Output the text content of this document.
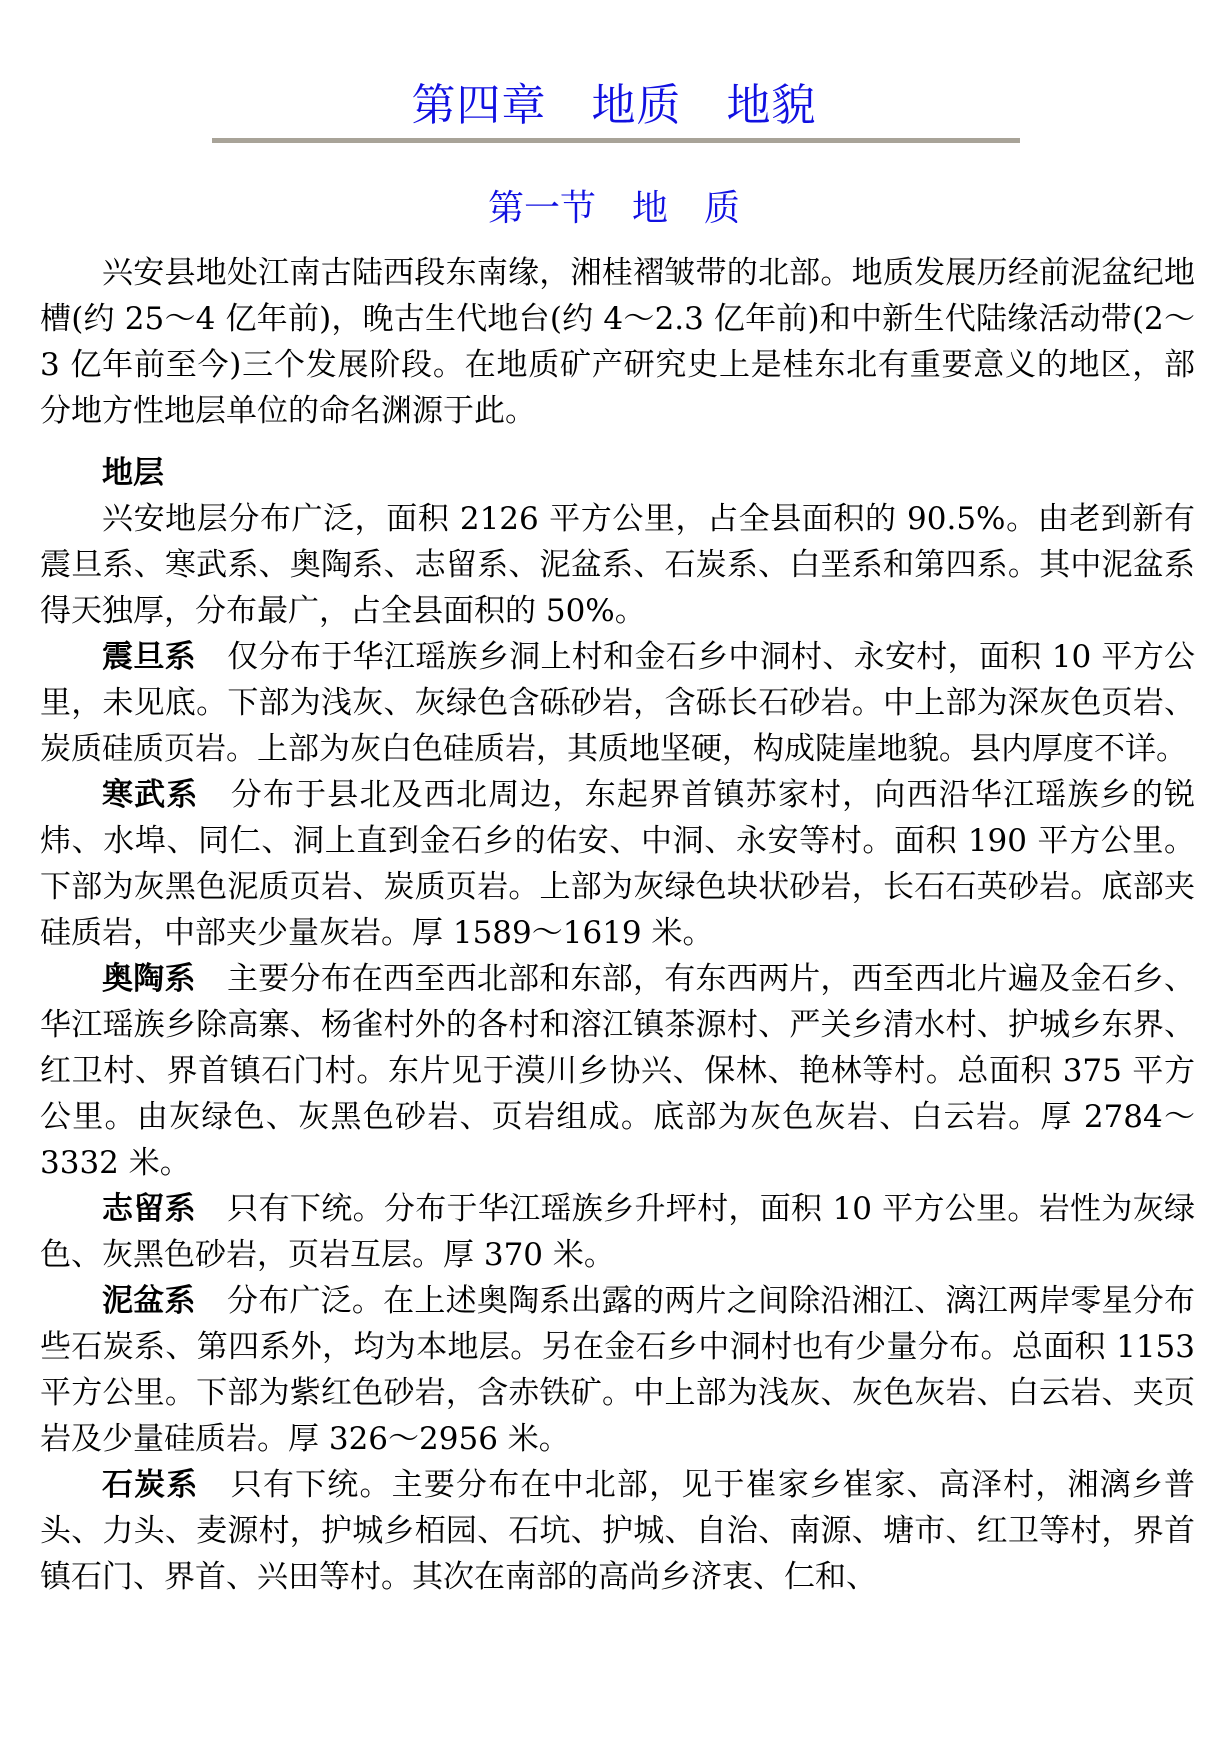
第四章　地质　地貌
第一节　地　质

兴安县地处江南古陆西段东南缘，湘桂褶皱带的北部。地质发展历经前泥盆纪地槽(约 25～4 亿年前)，晚古生代地台(约 4～2.3 亿年前)和中新生代陆缘活动带(2～3 亿年前至今)三个发展阶段。在地质矿产研究史上是桂东北有重要意义的地区，部分地方性地层单位的命名渊源于此。

地层

兴安地层分布广泛，面积 2126 平方公里，占全县面积的 90.5%。由老到新有震旦系、寒武系、奥陶系、志留系、泥盆系、石炭系、白垩系和第四系。其中泥盆系得天独厚，分布最广，占全县面积的 50%。

震旦系　 仅分布于华江瑶族乡洞上村和金石乡中洞村、永安村，面积 10 平方公里，未见底。下部为浅灰、灰绿色含砾砂岩，含砾长石砂岩。中上部为深灰色页岩、炭质硅质页岩。上部为灰白色硅质岩，其质地坚硬，构成陡崖地貌。县内厚度不详。

寒武系　 分布于县北及西北周边，东起界首镇苏家村，向西沿华江瑶族乡的锐炜、水埠、同仁、洞上直到金石乡的佑安、中洞、永安等村。面积 190 平方公里。下部为灰黑色泥质页岩、炭质页岩。上部为灰绿色块状砂岩，长石石英砂岩。底部夹硅质岩，中部夹少量灰岩。厚 1589～1619 米。

奥陶系　 主要分布在西至西北部和东部，有东西两片，西至西北片遍及金石乡、华江瑶族乡除高寨、杨雀村外的各村和溶江镇茶源村、严关乡清水村、护城乡东界、红卫村、界首镇石门村。东片见于漠川乡协兴、保林、艳林等村。总面积 375 平方公里。由灰绿色、灰黑色砂岩、页岩组成。底部为灰色灰岩、白云岩。厚 2784～3332 米。

志留系　 只有下统。分布于华江瑶族乡升坪村，面积 10 平方公里。岩性为灰绿色、灰黑色砂岩，页岩互层。厚 370 米。

泥盆系　 分布广泛。在上述奥陶系出露的两片之间除沿湘江、漓江两岸零星分布些石炭系、第四系外，均为本地层。另在金石乡中洞村也有少量分布。总面积 1153 平方公里。下部为紫红色砂岩，含赤铁矿。中上部为浅灰、灰色灰岩、白云岩、夹页岩及少量硅质岩。厚 326～2956 米。

石炭系　 只有下统。主要分布在中北部，见于崔家乡崔家、高泽村，湘漓乡普头、力头、麦源村，护城乡栢园、石坑、护城、自治、南源、塘市、红卫等村，界首镇石门、界首、兴田等村。其次在南部的高尚乡济衷、仁和、
